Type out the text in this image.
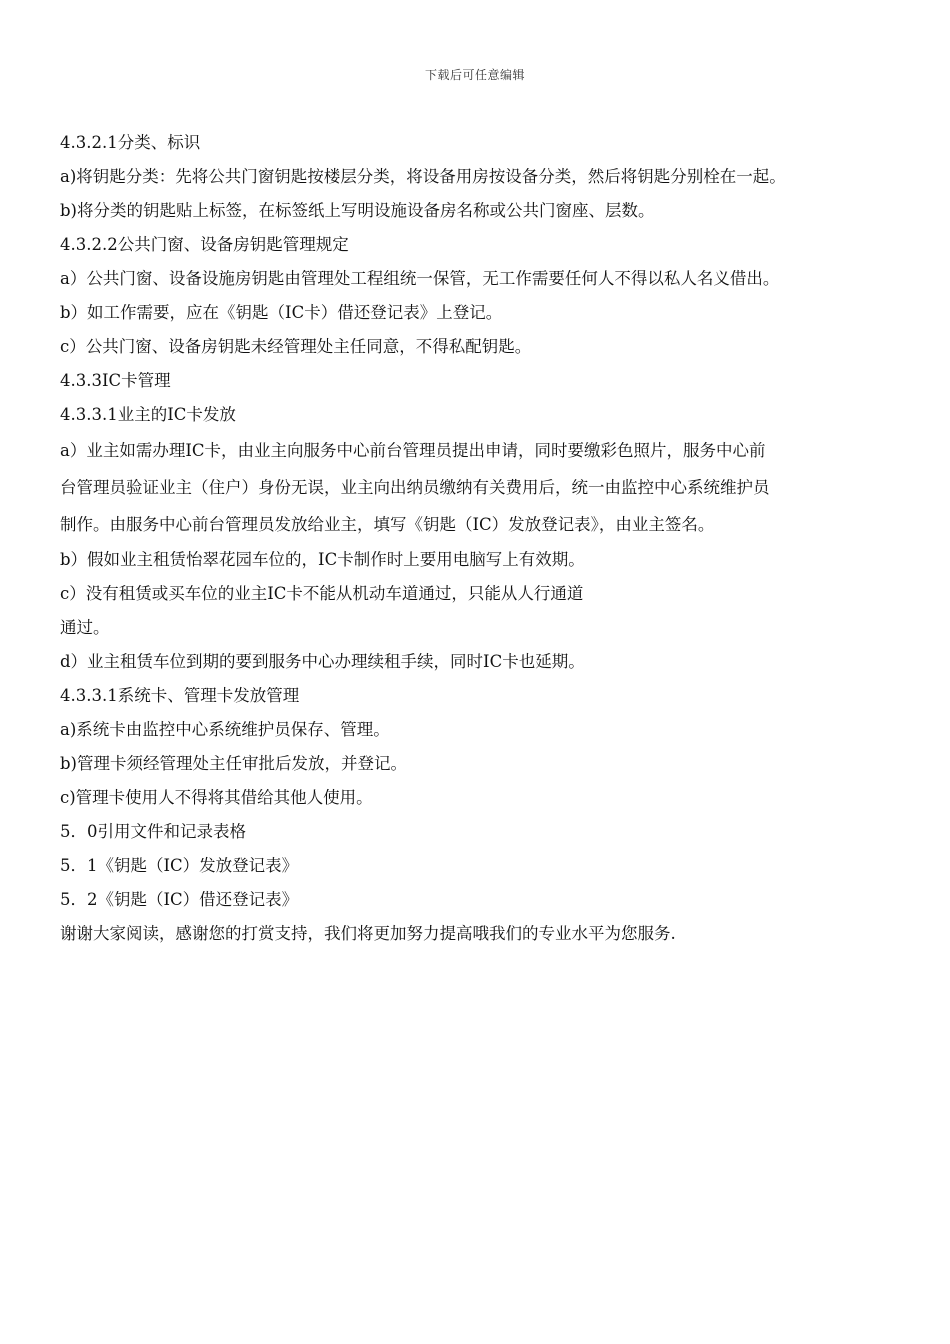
下载后可任意编辑

4.3.2.1分类、标识

a)将钥匙分类：先将公共门窗钥匙按楼层分类，将设备用房按设备分类，然后将钥匙分别栓在一起。

b)将分类的钥匙贴上标签，在标签纸上写明设施设备房名称或公共门窗座、层数。

4.3.2.2公共门窗、设备房钥匙管理规定

a）公共门窗、设备设施房钥匙由管理处工程组统一保管，无工作需要任何人不得以私人名义借出。

b）如工作需要，应在《钥匙（IC卡）借还登记表》上登记。

c）公共门窗、设备房钥匙未经管理处主任同意，不得私配钥匙。

4.3.3IC卡管理

4.3.3.1业主的IC卡发放

a）业主如需办理IC卡，由业主向服务中心前台管理员提出申请，同时要缴彩色照片，服务中心前

台管理员验证业主（住户）身份无误，业主向出纳员缴纳有关费用后，统一由监控中心系统维护员

制作。由服务中心前台管理员发放给业主，填写《钥匙（IC）发放登记表》，由业主签名。

b）假如业主租赁怡翠花园车位的，IC卡制作时上要用电脑写上有效期。

c）没有租赁或买车位的业主IC卡不能从机动车道通过，只能从人行通道

通过。

d）业主租赁车位到期的要到服务中心办理续租手续，同时IC卡也延期。

4.3.3.1系统卡、管理卡发放管理

a)系统卡由监控中心系统维护员保存、管理。

b)管理卡须经管理处主任审批后发放，并登记。

c)管理卡使用人不得将其借给其他人使用。

5．0引用文件和记录表格

5．1《钥匙（IC）发放登记表》

5．2《钥匙（IC）借还登记表》

谢谢大家阅读，感谢您的打赏支持，我们将更加努力提高哦我们的专业水平为您服务.
